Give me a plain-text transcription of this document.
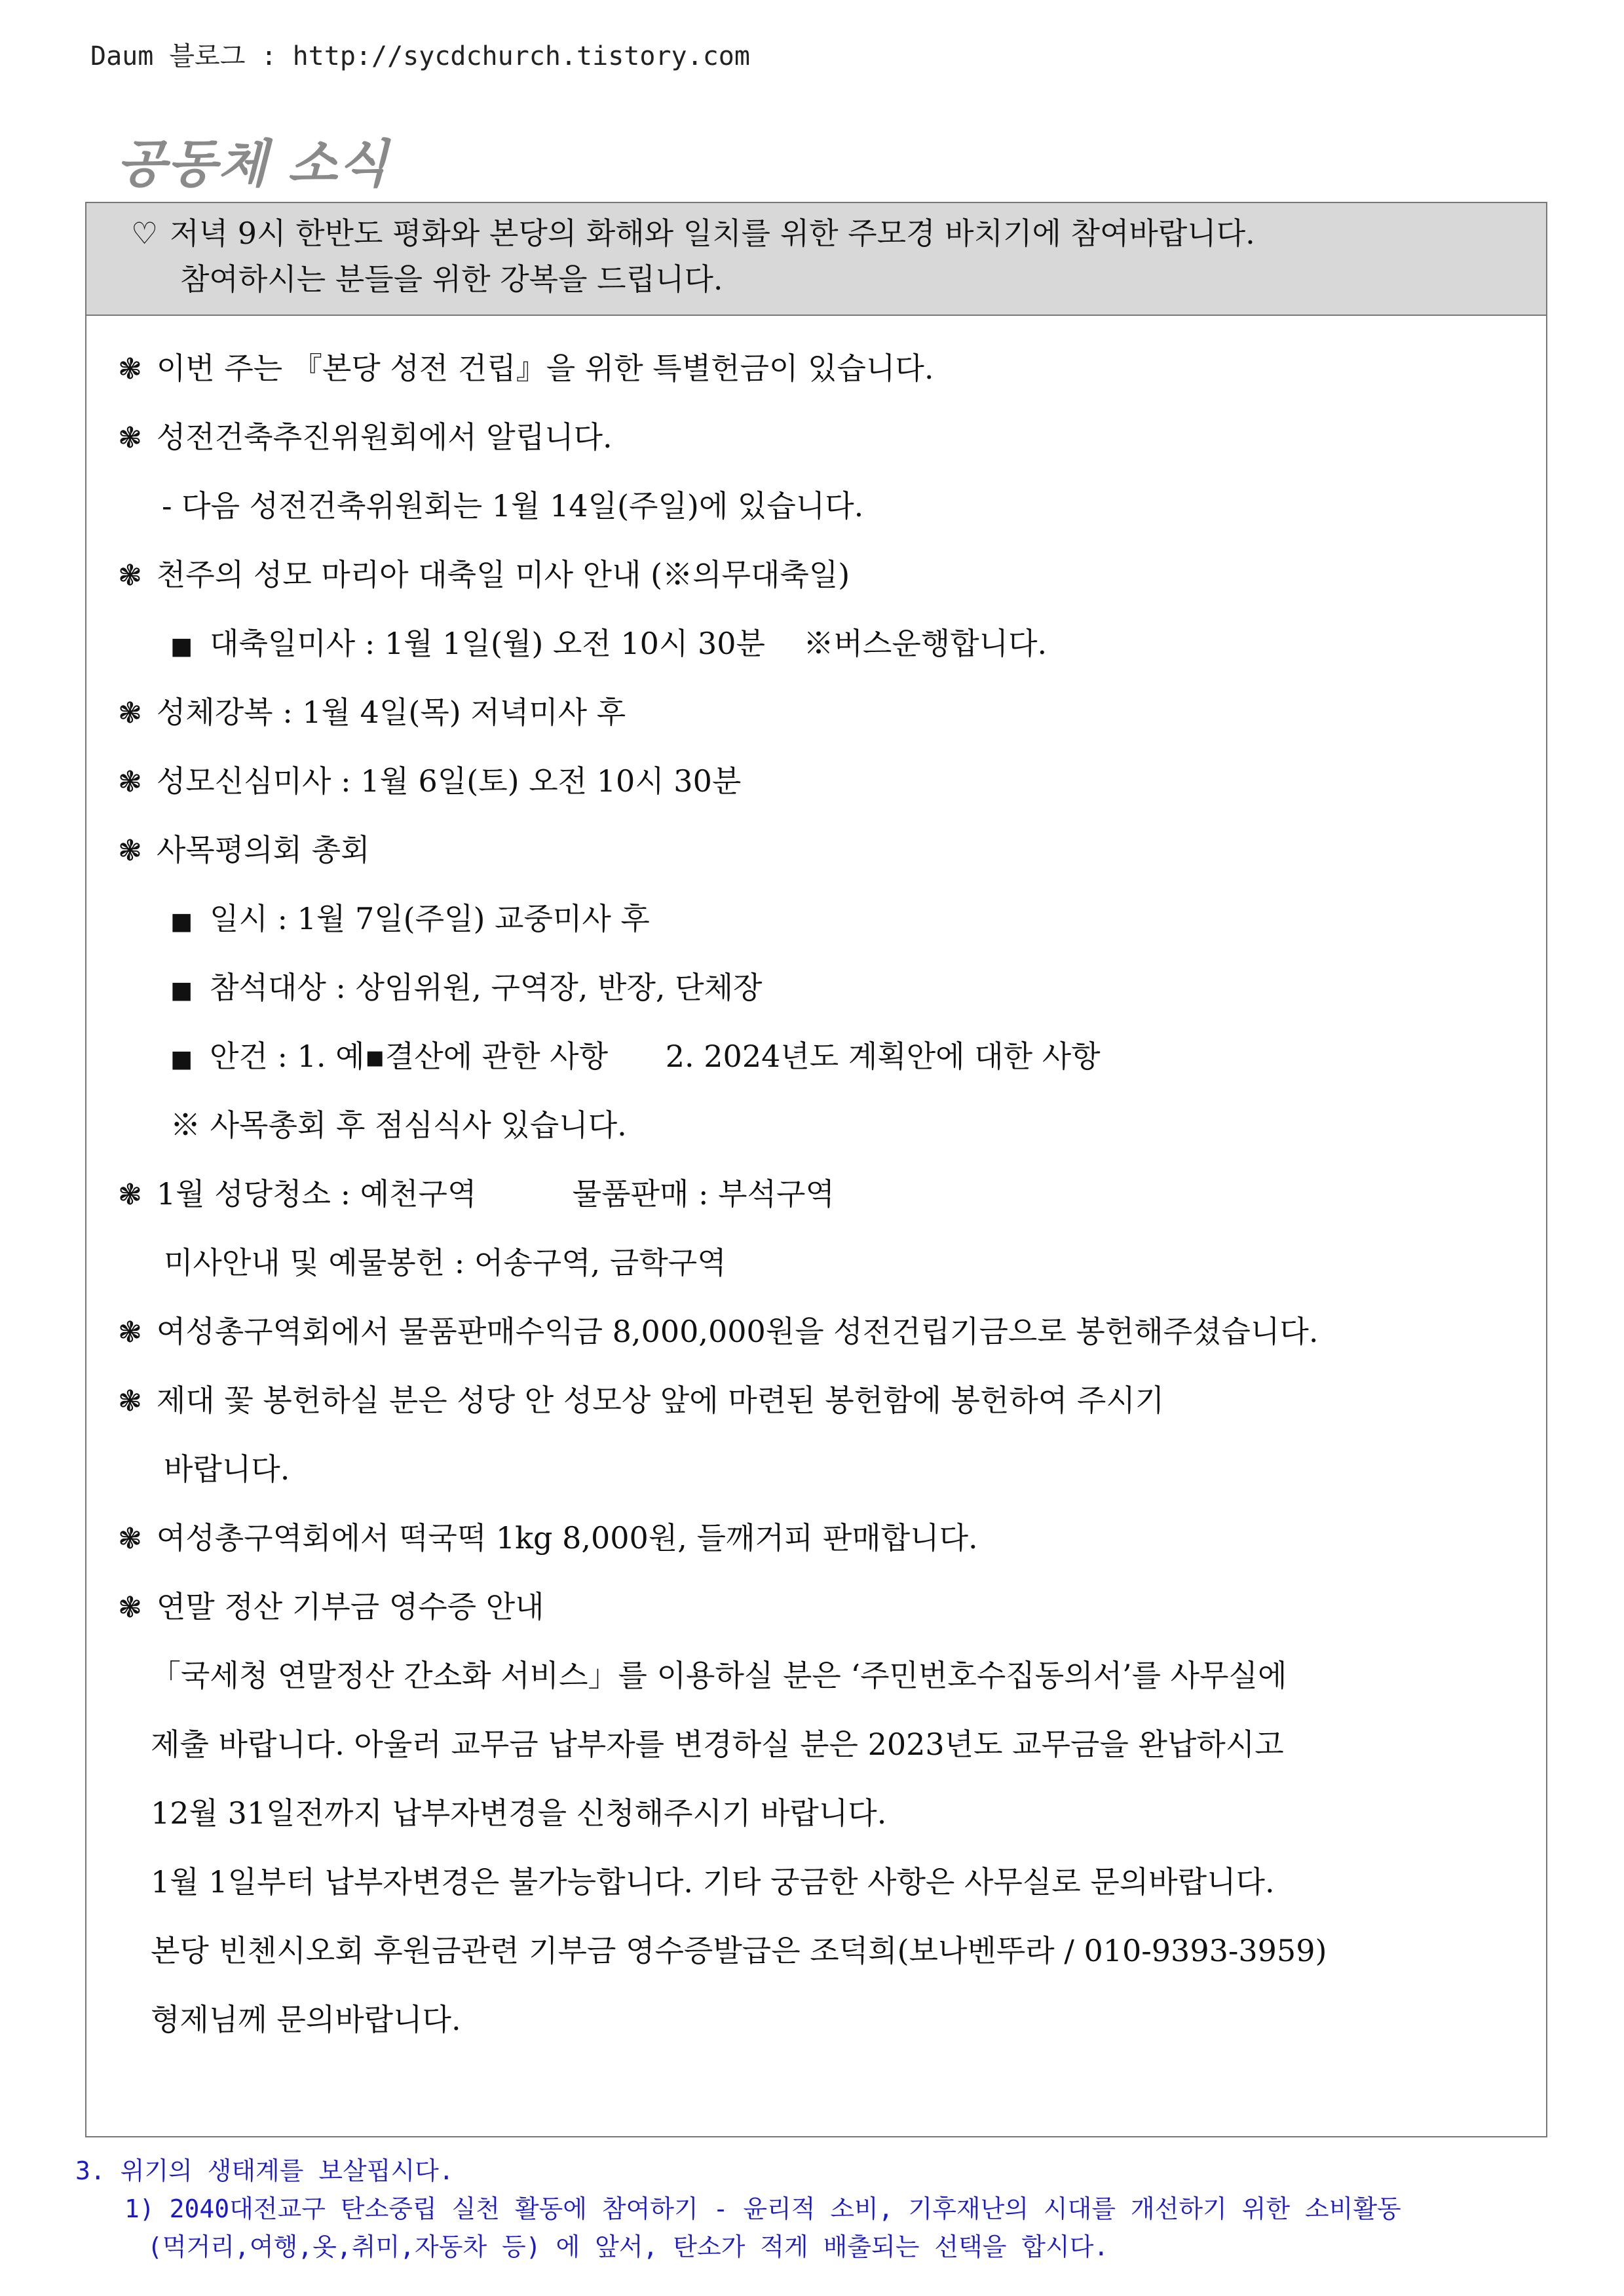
Daum 블로그 : http://sycdchurch.tistory.com
공동체 소식
♡ 저녁 9시 한반도 평화와 본당의 화해와 일치를 위한 주모경 바치기에 참여바랍니다.
참여하시는 분들을 위한 강복을 드립니다.
❃ 이번 주는 『본당 성전 건립』을 위한 특별헌금이 있습니다.
❃ 성전건축추진위원회에서 알립니다.
- 다음 성전건축위원회는 1월 14일(주일)에 있습니다.
❃ 천주의 성모 마리아 대축일 미사 안내 (※의무대축일)
■ 대축일미사 : 1월 1일(월) 오전 10시 30분    ※버스운행합니다.
❃ 성체강복 : 1월 4일(목) 저녁미사 후
❃ 성모신심미사 : 1월 6일(토) 오전 10시 30분
❃ 사목평의회 총회
■ 일시 : 1월 7일(주일) 교중미사 후
■ 참석대상 : 상임위원, 구역장, 반장, 단체장
■ 안건 : 1. 예▪결산에 관한 사항      2. 2024년도 계획안에 대한 사항
※ 사목총회 후 점심식사 있습니다.
❃ 1월 성당청소 : 예천구역          물품판매 : 부석구역
미사안내 및 예물봉헌 : 어송구역, 금학구역
❃ 여성총구역회에서 물품판매수익금 8,000,000원을 성전건립기금으로 봉헌해주셨습니다.
❃ 제대 꽃 봉헌하실 분은 성당 안 성모상 앞에 마련된 봉헌함에 봉헌하여 주시기
바랍니다.
❃ 여성총구역회에서 떡국떡 1kg 8,000원, 들깨거피 판매합니다.
❃ 연말 정산 기부금 영수증 안내
「국세청 연말정산 간소화 서비스」를 이용하실 분은 ‘주민번호수집동의서’를 사무실에
제출 바랍니다. 아울러 교무금 납부자를 변경하실 분은 2023년도 교무금을 완납하시고
12월 31일전까지 납부자변경을 신청해주시기 바랍니다.
1월 1일부터 납부자변경은 불가능합니다. 기타 궁금한 사항은 사무실로 문의바랍니다.
본당 빈첸시오회 후원금관련 기부금 영수증발급은 조덕희(보나벤뚜라 / 010-9393-3959)
형제님께 문의바랍니다.
3. 위기의 생태계를 보살핍시다.
1) 2040대전교구 탄소중립 실천 활동에 참여하기 - 윤리적 소비, 기후재난의 시대를 개선하기 위한 소비활동
(먹거리,여행,옷,취미,자동차 등) 에 앞서, 탄소가 적게 배출되는 선택을 합시다.
